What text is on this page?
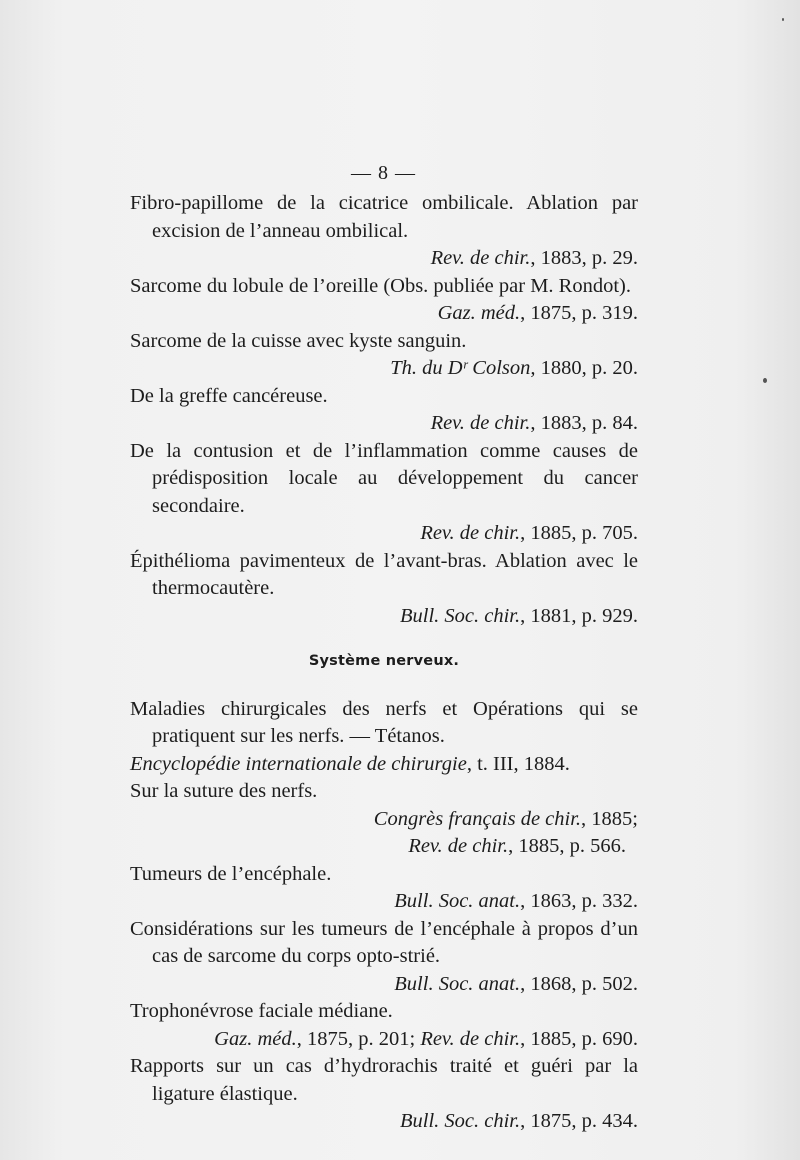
— 8 —
Fibro-papillome de la cicatrice ombilicale. Ablation par excision de l’anneau ombilical.
Rev. de chir., 1883, p. 29.
Sarcome du lobule de l’oreille (Obs. publiée par M. Rondot).
Gaz. méd., 1875, p. 319.
Sarcome de la cuisse avec kyste sanguin.
Th. du Dʳ Colson, 1880, p. 20.
De la greffe cancéreuse.
Rev. de chir., 1883, p. 84.
De la contusion et de l’inflammation comme causes de prédisposition locale au développement du cancer secondaire.
Rev. de chir., 1885, p. 705.
Épithélioma pavimenteux de l’avant-bras. Ablation avec le thermocautère.
Bull. Soc. chir., 1881, p. 929.
Système nerveux.
Maladies chirurgicales des nerfs et Opérations qui se pratiquent sur les nerfs. — Tétanos.
Encyclopédie internationale de chirurgie, t. III, 1884.
Sur la suture des nerfs.
Congrès français de chir., 1885;
Rev. de chir., 1885, p. 566.
Tumeurs de l’encéphale.
Bull. Soc. anat., 1863, p. 332.
Considérations sur les tumeurs de l’encéphale à propos d’un cas de sarcome du corps opto-strié.
Bull. Soc. anat., 1868, p. 502.
Trophonévrose faciale médiane.
Gaz. méd., 1875, p. 201; Rev. de chir., 1885, p. 690.
Rapports sur un cas d’hydrorachis traité et guéri par la ligature élastique.
Bull. Soc. chir., 1875, p. 434.
